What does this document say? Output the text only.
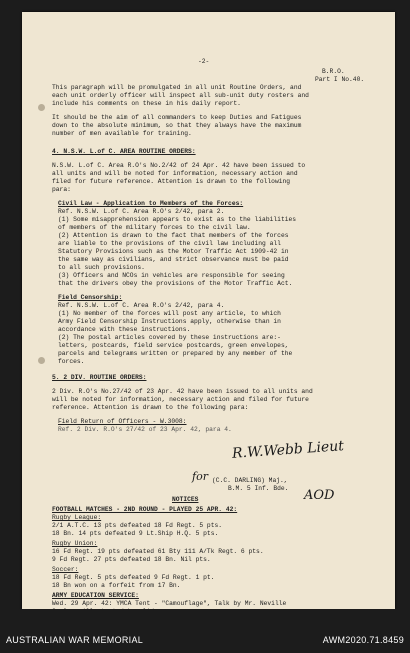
-2-
B.R.O.
Part I No.40.
This paragraph will be promulgated in all unit Routine Orders, and
each unit orderly officer will inspect all sub-unit duty rosters and
include his comments on these in his daily report.
It should be the aim of all commanders to keep Duties and Fatigues
down to the absolute minimum, so that they always have the maximum
number of men available for training.
4. N.S.W. L.of C. AREA ROUTINE ORDERS:
N.S.W. L.of C. Area R.O's No.2/42 of 24 Apr. 42 have been issued to
all units and will be noted for information, necessary action and
filed for future reference. Attention is drawn to the following
para:
Civil Law - Application to Members of the Forces:
Ref. N.S.W. L.of C. Area R.O's 2/42, para 2.
(1) Some misapprehension appears to exist as to the liabilities
of members of the military forces to the civil law.
(2) Attention is drawn to the fact that members of the forces
are liable to the provisions of the civil law including all
Statutory Provisions such as the Motor Traffic Act 1909-42 in
the same way as civilians, and strict observance must be paid
to all such provisions.
(3) Officers and NCOs in vehicles are responsible for seeing
that the drivers obey the provisions of the Motor Traffic Act.
Field Censorship:
Ref. N.S.W. L.of C. Area R.O's 2/42, para 4.
(1) No member of the forces will post any article, to which
Army Field Censorship Instructions apply, otherwise than in
accordance with these instructions.
(2) The postal articles covered by these instructions are:-
letters, postcards, field service postcards, green envelopes,
parcels and telegrams written or prepared by any member of the
forces.
5. 2 DIV. ROUTINE ORDERS:
2 Div. R.O's No.27/42 of 23 Apr. 42 have been issued to all units and
will be noted for information, necessary action and filed for future
reference. Attention is drawn to the following para:
Field Return of Officers - W.3008:
Ref. 2 Div. R.O's 27/42 of 23 Apr. 42, para 4.
R.W.Webb Lieut
for (C.C. DARLING) Maj.,
B.M. 5 Inf. Bde. AOD
NOTICES
FOOTBALL MATCHES - 2ND ROUND - PLAYED 25 APR. 42:
Rugby League:
2/1 A.T.C. 13 pts defeated 18 Fd Regt. 5 pts.
18 Bn. 14 pts defeated 9 Lt.Ship H.Q. 5 pts.
Rugby Union:
16 Fd Regt. 19 pts defeated 61 Bty 111 A/Tk Regt. 6 pts.
9 Fd Regt. 27 pts defeated 18 Bn. Nil pts.
Soccer:
18 Fd Regt. 5 pts defeated 9 Fd Regt. 1 pt.
18 Bn won on a forfeit from 17 Bn.
ARMY EDUCATION SERVICE:
Wed. 29 Apr. 42: YMCA Tent - "Camouflage", Talk by Mr. Neville
AUSTRALIAN WAR MEMORIAL	AWM2020.71.8459
